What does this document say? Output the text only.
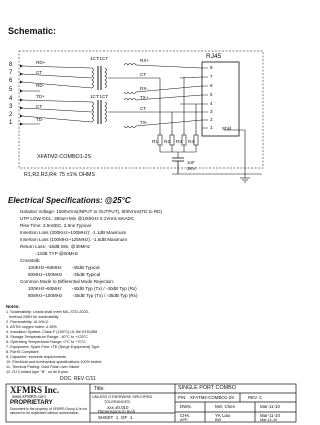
Schematic:
8
7
6
5
4
3
2
1
RD+
CT
RD-
TD+
CT
TD-
1CT:1CT
1CT:1CT
RX+
CT
RX-
TX+
CT
TX-
RJ45
8
7
6
5
4
3
2
1 Shld
R1 R2 R3 R4
1nF
2KV
XFATM2-COMBO1-2S
R1,R2,R3,R4: 75 ±1% OHMS
Electrical Specifications: @25°C
Isolation Voltage: 1500Vrms(INPUT to OUTPUT), 500Vrms(TD to RD)
UTP LOW OCL: 350uH Min @100KHz 0.1Vrms 8mADC
Rise Time: 3.5nSEC, 2.5ns Typical
Insertion Loss (300KHz~100MHz): -1.1dB Maximum
Insertion Loss (100MHz~125MHz): -1.5dB Maximum
Return Loss: -18dB Min. @30MHz
-12dB TYP @60MHz
Crosstalk:
100KHz~60MHz        -40dB Typical
80MHz~100MHz        -35dB Typical
Common Mode to Differential Mode Rejection:
100KHz~60MHz        -40dB Typ (Tx) / -40dB Typ (Rx)
80MHz~100MHz        -35dB Typ (Tx) / -35dB Typ (Rx)
Notes:
1. Solderability: Leads shall meet MIL-STD-202G,
method 208H for solderability
2. Flammability: UL94V-0
3. ASTM oxygen index: ≥ 28%
4. Insulation System: Class F (155°C) UL file E151558
5. Storage Temperature Range: -40°C to +125°C
6. Operating Temperature Range: 0°C to +70°C
7. Equipment: Spark Free, ITE (Surge Equipment) Type
8. RoHS Compliant
9. Capacitor: exceeds requirements
10. Electrical and mechanical specifications 100% tested
11. Terminal Plating: Gold Flash over Nickel
12. RJ Contact type "B", on all 8 pins
DOC. REV C/11
XFMRS Inc.
www.XFMRS.com
PROPRIETARY
Document is the property of XFMRS Group & is not allowed to be duplicated without authorization
Title:	SINGLE PORT COMBO
UNLESS OTHERWISE SPECIFIED
TOLERANCES:
.xxx ±0.010
Dimensions in Inch
SHEET  1  OF  1
P/N: XFATM2-COMBO1-2S	REV. C
DWN.	Mel. Chen	Mar-11-10
CHK.	YK Liao	Mar-11-10
APP.	BW	Mar-11-10
